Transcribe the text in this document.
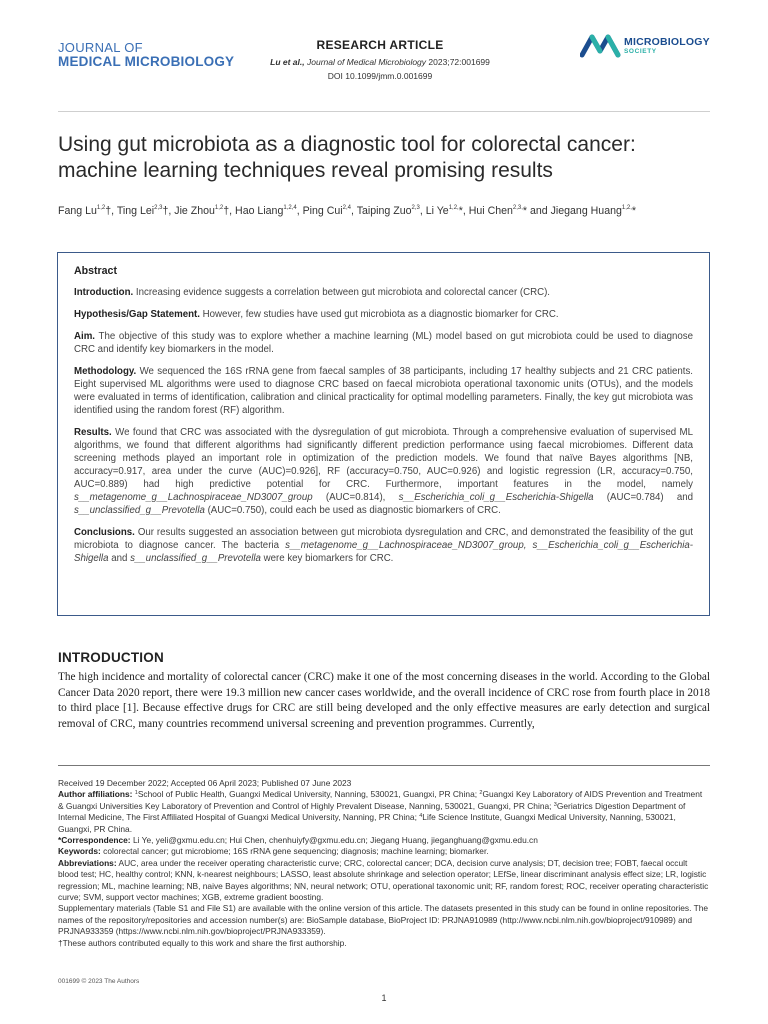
JOURNAL OF
MEDICAL MICROBIOLOGY
RESEARCH ARTICLE
Lu et al., Journal of Medical Microbiology 2023;72:001699
DOI 10.1099/jmm.0.001699
MICROBIOLOGY
SOCIETY
Using gut microbiota as a diagnostic tool for colorectal cancer: machine learning techniques reveal promising results
Fang Lu$^{1,2}$†, Ting Lei$^{2,3}$†, Jie Zhou$^{1,2}$†, Hao Liang$^{1,2,4}$, Ping Cui$^{2,4}$, Taiping Zuo$^{2,3}$, Li $Ye^{1,2,}*$, Hui Chen$^{2,3,}$* and Jiegang Huang$^{1,2,}$*
Abstract

Introduction. Increasing evidence suggests a correlation between gut microbiota and colorectal cancer (CRC).

Hypothesis/Gap Statement. However, few studies have used gut microbiota as a diagnostic biomarker for CRC.

Aim. The objective of this study was to explore whether a machine learning (ML) model based on gut microbiota could be used to diagnose CRC and identify key biomarkers in the model.

Methodology. We sequenced the 16S rRNA gene from faecal samples of 38 participants, including 17 healthy subjects and 21 CRC patients. Eight supervised ML algorithms were used to diagnose CRC based on faecal microbiota operational taxonomic units (OTUs), and the models were evaluated in terms of identification, calibration and clinical practicality for optimal modelling parameters. Finally, the key gut microbiota was identified using the random forest (RF) algorithm.

Results. We found that CRC was associated with the dysregulation of gut microbiota. Through a comprehensive evaluation of supervised ML algorithms, we found that different algorithms had significantly different prediction performance using faecal microbiomes. Different data screening methods played an important role in optimization of the prediction models. We found that naïve Bayes algorithms [NB, accuracy=0.917, area under the curve (AUC)=0.926], RF (accuracy=0.750, AUC=0.926) and logistic regression (LR, accuracy=0.750, AUC=0.889) had high predictive potential for CRC. Furthermore, important features in the model, namely s__metagenome_g__Lachnospiraceae_ND3007_group (AUC=0.814), s__Escherichia_coli_g__Escherichia-Shigella (AUC=0.784) and s__unclassified_g__Prevotella (AUC=0.750), could each be used as diagnostic biomarkers of CRC.

Conclusions. Our results suggested an association between gut microbiota dysregulation and CRC, and demonstrated the feasibility of the gut microbiota to diagnose cancer. The bacteria s__metagenome_g__Lachnospiraceae_ND3007_group, s__Escherichia_coli_g__Escherichia-Shigella and s__unclassified_g__Prevotella were key biomarkers for CRC.

INTRODUCTION

The high incidence and mortality of colorectal cancer (CRC) make it one of the most concerning diseases in the world. According to the Global Cancer Data 2020 report, there were 19.3 million new cancer cases worldwide, and the overall incidence of CRC rose from fourth place in 2018 to third place [1]. Because effective drugs for CRC are still being developed and the only effective measures are early detection and surgical removal of CRC, many countries recommend universal screening and prevention programmes. Currently,

Received 19 December 2022; Accepted 06 April 2023; Published 07 June 2023

Author affiliations: $^1$School of Public Health, Guangxi Medical University, Nanning, 530021, Guangxi, PR China; $^2$Guangxi Key Laboratory of AIDS Prevention and Treatment & Guangxi Universities Key Laboratory of Prevention and Control of Highly Prevalent Disease, Nanning, 530021, Guangxi, PR China; $^3$Geriatrics Digestion Department of Internal Medicine, The First Affiliated Hospital of Guangxi Medical University, Nanning, PR China; $^4$Life Science Institute, Guangxi Medical University, Nanning, 530021, Guangxi, PR China.

*Correspondence: Li Ye, yeli@gxmu.edu.cn; Hui Chen, chenhuiyfy@gxmu.edu.cn; Jiegang Huang, jieganghuang@gxmu.edu.cn

Keywords: colorectal cancer; gut microbiome; 16S rRNA gene sequencing; diagnosis; machine learning; biomarker.

Abbreviations: AUC, area under the receiver operating characteristic curve; CRC, colorectal cancer; DCA, decision curve analysis; DT, decision tree; FOBT, faecal occult blood test; HC, healthy control; KNN, k-nearest neighbours; LASSO, least absolute shrinkage and selection operator; LEfSe, linear discriminant analysis effect size; LR, logistic regression; ML, machine learning; NB, naive Bayes algorithms; NN, neural network; OTU, operational taxonomic unit; RF, random forest; ROC, receiver operating characteristic curve; SVM, support vector machines; XGB, extreme gradient boosting.

Supplementary materials (Table S1 and File S1) are available with the online version of this article. The datasets presented in this study can be found in online repositories. The names of the repository/repositories and accession number(s) are: BioSample database, BioProject ID: PRJNA910989 (http://www.ncbi.nlm.nih.gov/bioproject/910989) and PRJNA933359 (https://www.ncbi.nlm.nih.gov/bioproject/PRJNA933359).

†These authors contributed equally to this work and share the first authorship.

001699 © 2023 The Authors
1
